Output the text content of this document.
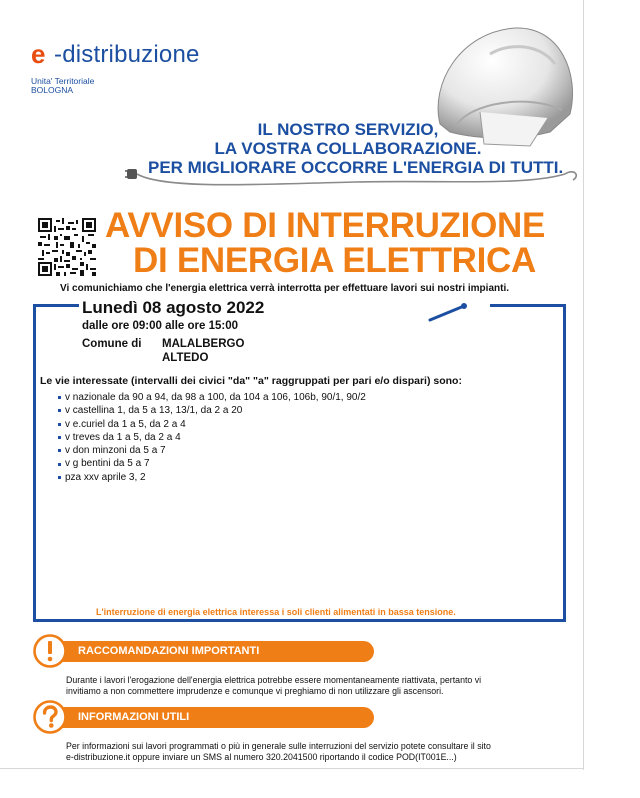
e -distribuzione
Unita' Territoriale
BOLOGNA
IL NOSTRO SERVIZIO,
LA VOSTRA COLLABORAZIONE.
PER MIGLIORARE OCCORRE L'ENERGIA DI TUTTI.
AVVISO DI INTERRUZIONE
DI ENERGIA ELETTRICA
Vi comunichiamo che l'energia elettrica verrà interrotta per effettuare lavori sui nostri impianti.
Lunedì 08 agosto 2022
dalle ore 09:00 alle ore 15:00
Comune di MALALBERGO
ALTEDO
Le vie interessate (intervalli dei civici "da" "a" raggruppati per pari e/o dispari) sono:
v nazionale da 90 a 94, da 98 a 100, da 104 a 106, 106b, 90/1, 90/2
v castellina 1, da 5 a 13, 13/1, da 2 a 20
v e.curiel da 1 a 5, da 2 a 4
v treves da 1 a 5, da 2 a 4
v don minzoni da 5 a 7
v g bentini da 5 a 7
pza xxv aprile 3, 2
L'interruzione di energia elettrica interessa i soli clienti alimentati in bassa tensione.
RACCOMANDAZIONI IMPORTANTI
Durante i lavori l'erogazione dell'energia elettrica potrebbe essere momentaneamente riattivata, pertanto vi
invitiamo a non commettere imprudenze e comunque vi preghiamo di non utilizzare gli ascensori.
INFORMAZIONI UTILI
Per informazioni sui lavori programmati o più in generale sulle interruzioni del servizio potete consultare il sito
e-distribuzione.it oppure inviare un SMS al numero 320.2041500 riportando il codice POD(IT001E...)
